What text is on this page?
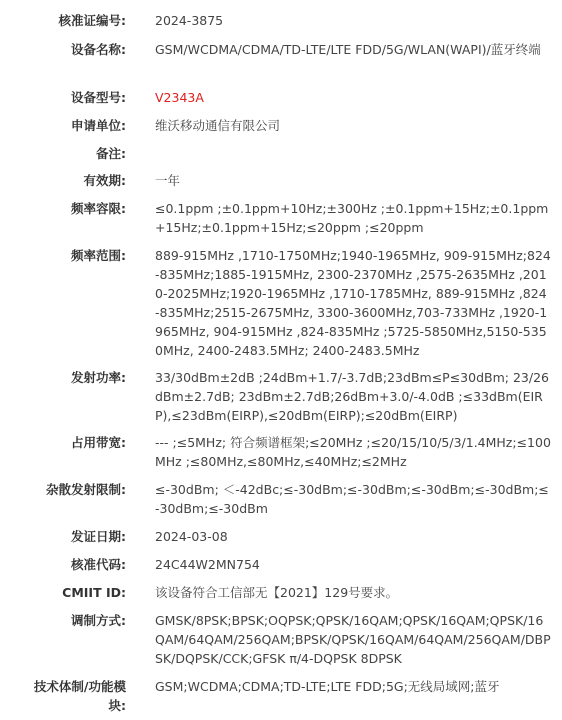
核准证编号: 2024-3875
设备名称: GSM/WCDMA/CDMA/TD-LTE/LTE FDD/5G/WLAN(WAPI)/蓝牙终端
设备型号: V2343A
申请单位: 维沃移动通信有限公司
备注:
有效期: 一年
频率容限: ≤0.1ppm ;±0.1ppm+10Hz;±300Hz ;±0.1ppm+15Hz;±0.1ppm+15Hz;±0.1ppm+15Hz;≤20ppm ;≤20ppm
频率范围: 889-915MHz ,1710-1750MHz;1940-1965MHz, 909-915MHz;824-835MHz;1885-1915MHz, 2300-2370MHz ,2575-2635MHz ,2010-2025MHz;1920-1965MHz ,1710-1785MHz, 889-915MHz ,824-835MHz;2515-2675MHz, 3300-3600MHz,703-733MHz ,1920-1965MHz, 904-915MHz ,824-835MHz ;5725-5850MHz,5150-5350MHz, 2400-2483.5MHz; 2400-2483.5MHz
发射功率: 33/30dBm±2dB ;24dBm+1.7/-3.7dB;23dBm≤P≤30dBm; 23/26dBm±2.7dB; 23dBm±2.7dB;26dBm+3.0/-4.0dB ;≤33dBm(EIRP),≤23dBm(EIRP),≤20dBm(EIRP);≤20dBm(EIRP)
占用带宽: --- ;≤5MHz; 符合频谱框架;≤20MHz ;≤20/15/10/5/3/1.4MHz;≤100MHz ;≤80MHz,≤80MHz,≤40MHz;≤2MHz
杂散发射限制: ≤-30dBm; ＜-42dBc;≤-30dBm;≤-30dBm;≤-30dBm;≤-30dBm;≤-30dBm;≤-30dBm
发证日期: 2024-03-08
核准代码: 24C44W2MN754
CMIIT ID: 该设备符合工信部无【2021】129号要求。
调制方式: GMSK/8PSK;BPSK;OQPSK;QPSK/16QAM;QPSK/16QAM;QPSK/16QAM/64QAM/256QAM;BPSK/QPSK/16QAM/64QAM/256QAM/DBPSK/DQPSK/CCK;GFSK π/4-DQPSK 8DPSK
技术体制/功能模块:
GSM;WCDMA;CDMA;TD-LTE;LTE FDD;5G;无线局域网;蓝牙
